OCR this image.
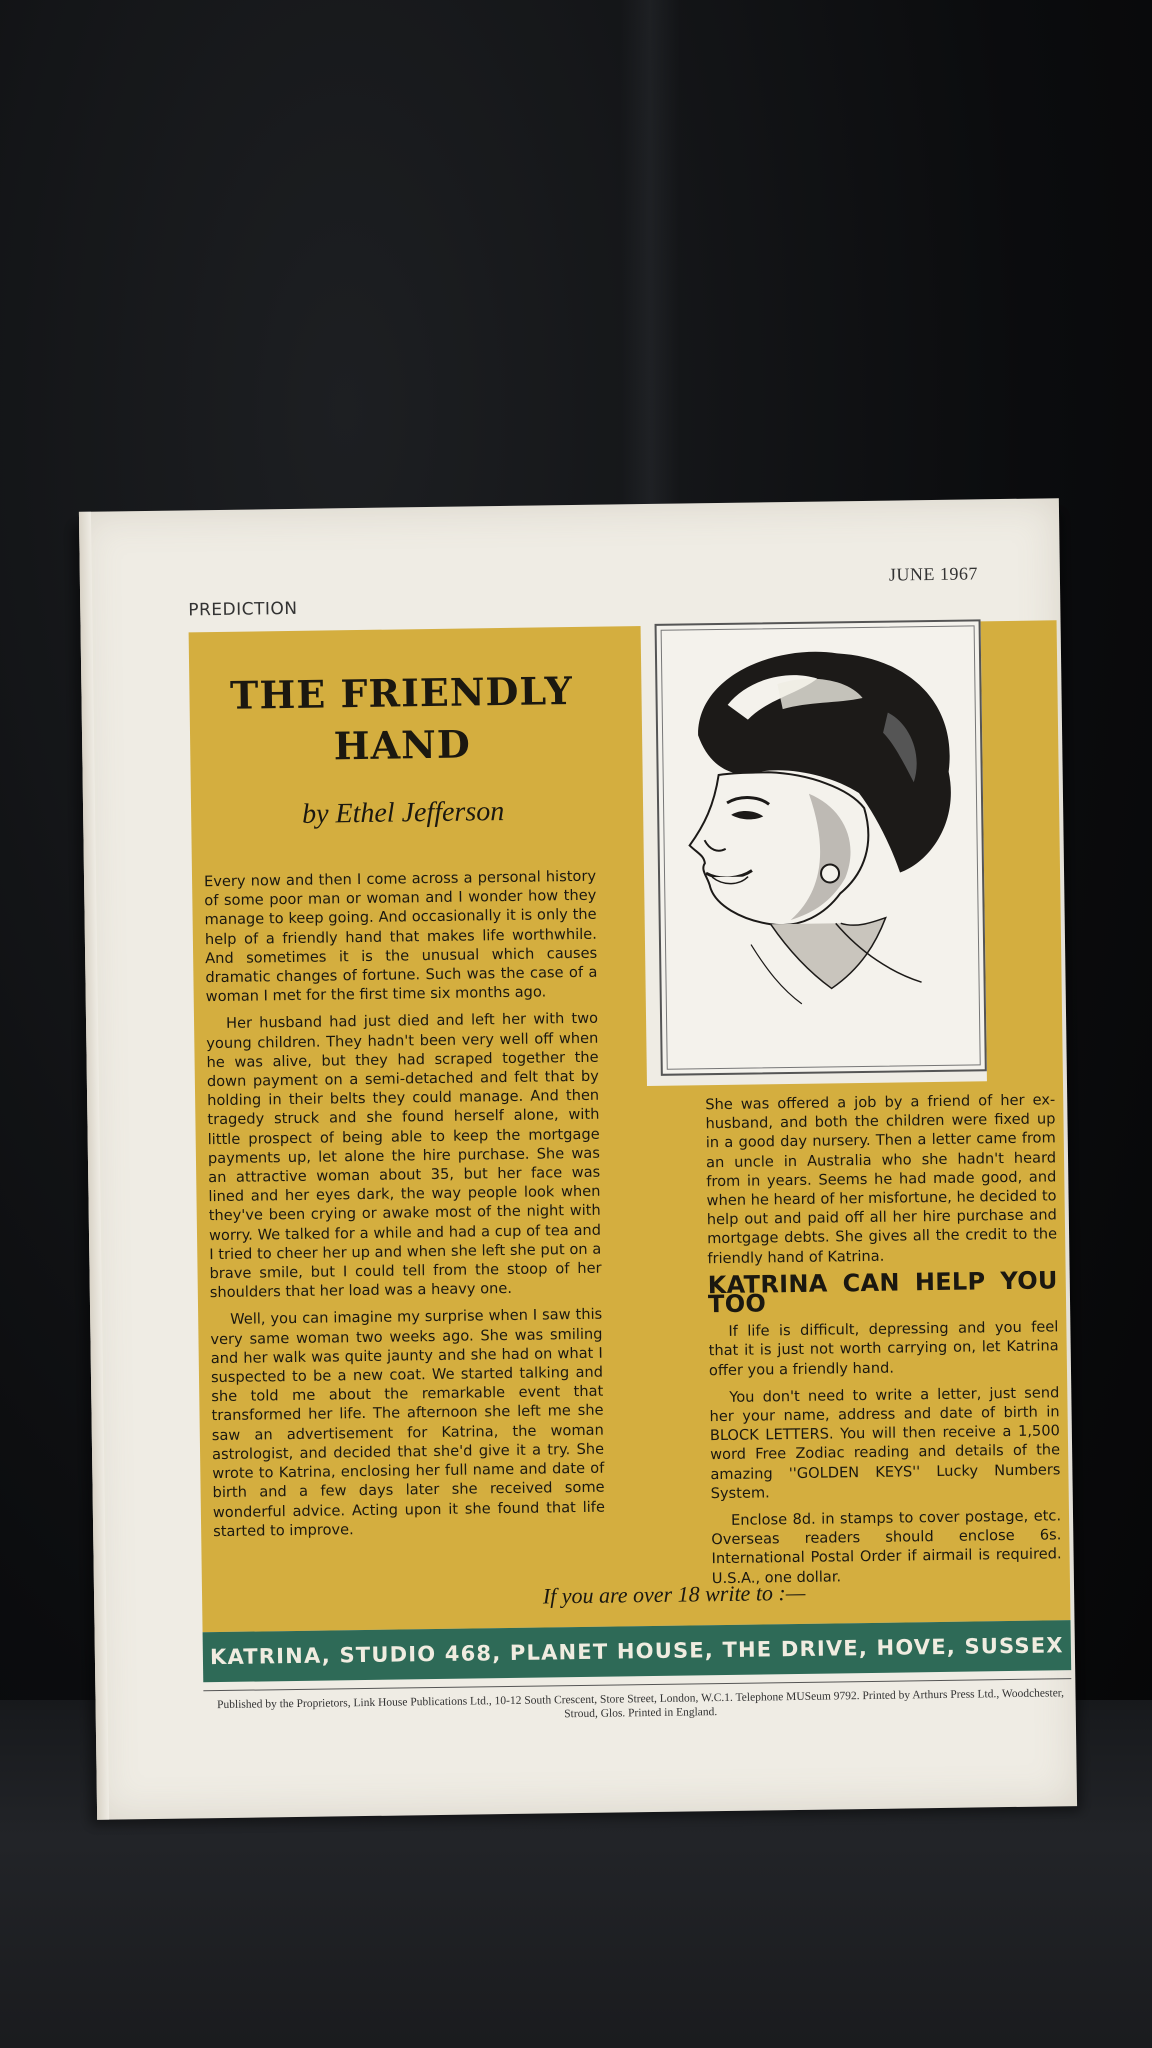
PREDICTION
JUNE 1967
THE FRIENDLY
HAND
by Ethel Jefferson

Every now and then I come across a personal history of some poor man or woman and I wonder how they manage to keep going. And occasionally it is only the help of a friendly hand that makes life worthwhile. And sometimes it is the unusual which causes dramatic changes of fortune. Such was the case of a woman I met for the first time six months ago.

Her husband had just died and left her with two young children. They hadn't been very well off when he was alive, but they had scraped together the down payment on a semi-detached and felt that by holding in their belts they could manage. And then tragedy struck and she found herself alone, with little prospect of being able to keep the mortgage payments up, let alone the hire purchase. She was an attractive woman about 35, but her face was lined and her eyes dark, the way people look when they've been crying or awake most of the night with worry. We talked for a while and had a cup of tea and I tried to cheer her up and when she left she put on a brave smile, but I could tell from the stoop of her shoulders that her load was a heavy one.

Well, you can imagine my surprise when I saw this very same woman two weeks ago. She was smiling and her walk was quite jaunty and she had on what I suspected to be a new coat. We started talking and she told me about the remarkable event that transformed her life. The afternoon she left me she saw an advertisement for Katrina, the woman astrologist, and decided that she'd give it a try. She wrote to Katrina, enclosing her full name and date of birth and a few days later she received some wonderful advice. Acting upon it she found that life started to improve.

She was offered a job by a friend of her ex-husband, and both the children were fixed up in a good day nursery. Then a letter came from an uncle in Australia who she hadn't heard from in years. Seems he had made good, and when he heard of her misfortune, he decided to help out and paid off all her hire purchase and mortgage debts. She gives all the credit to the friendly hand of Katrina.

KATRINA CAN HELP YOU TOO

If life is difficult, depressing and you feel that it is just not worth carrying on, let Katrina offer you a friendly hand.

You don't need to write a letter, just send her your name, address and date of birth in BLOCK LETTERS. You will then receive a 1,500 word Free Zodiac reading and details of the amazing ''GOLDEN KEYS'' Lucky Numbers System.

Enclose 8d. in stamps to cover postage, etc. Overseas readers should enclose 6s. International Postal Order if airmail is required. U.S.A., one dollar.

If you are over 18 write to :—
KATRINA, STUDIO 468, PLANET HOUSE, THE DRIVE, HOVE, SUSSEX
Published by the Proprietors, Link House Publications Ltd., 10-12 South Crescent, Store Street, London, W.C.1. Telephone MUSeum 9792. Printed by Arthurs Press Ltd., Woodchester, Stroud, Glos. Printed in England.
